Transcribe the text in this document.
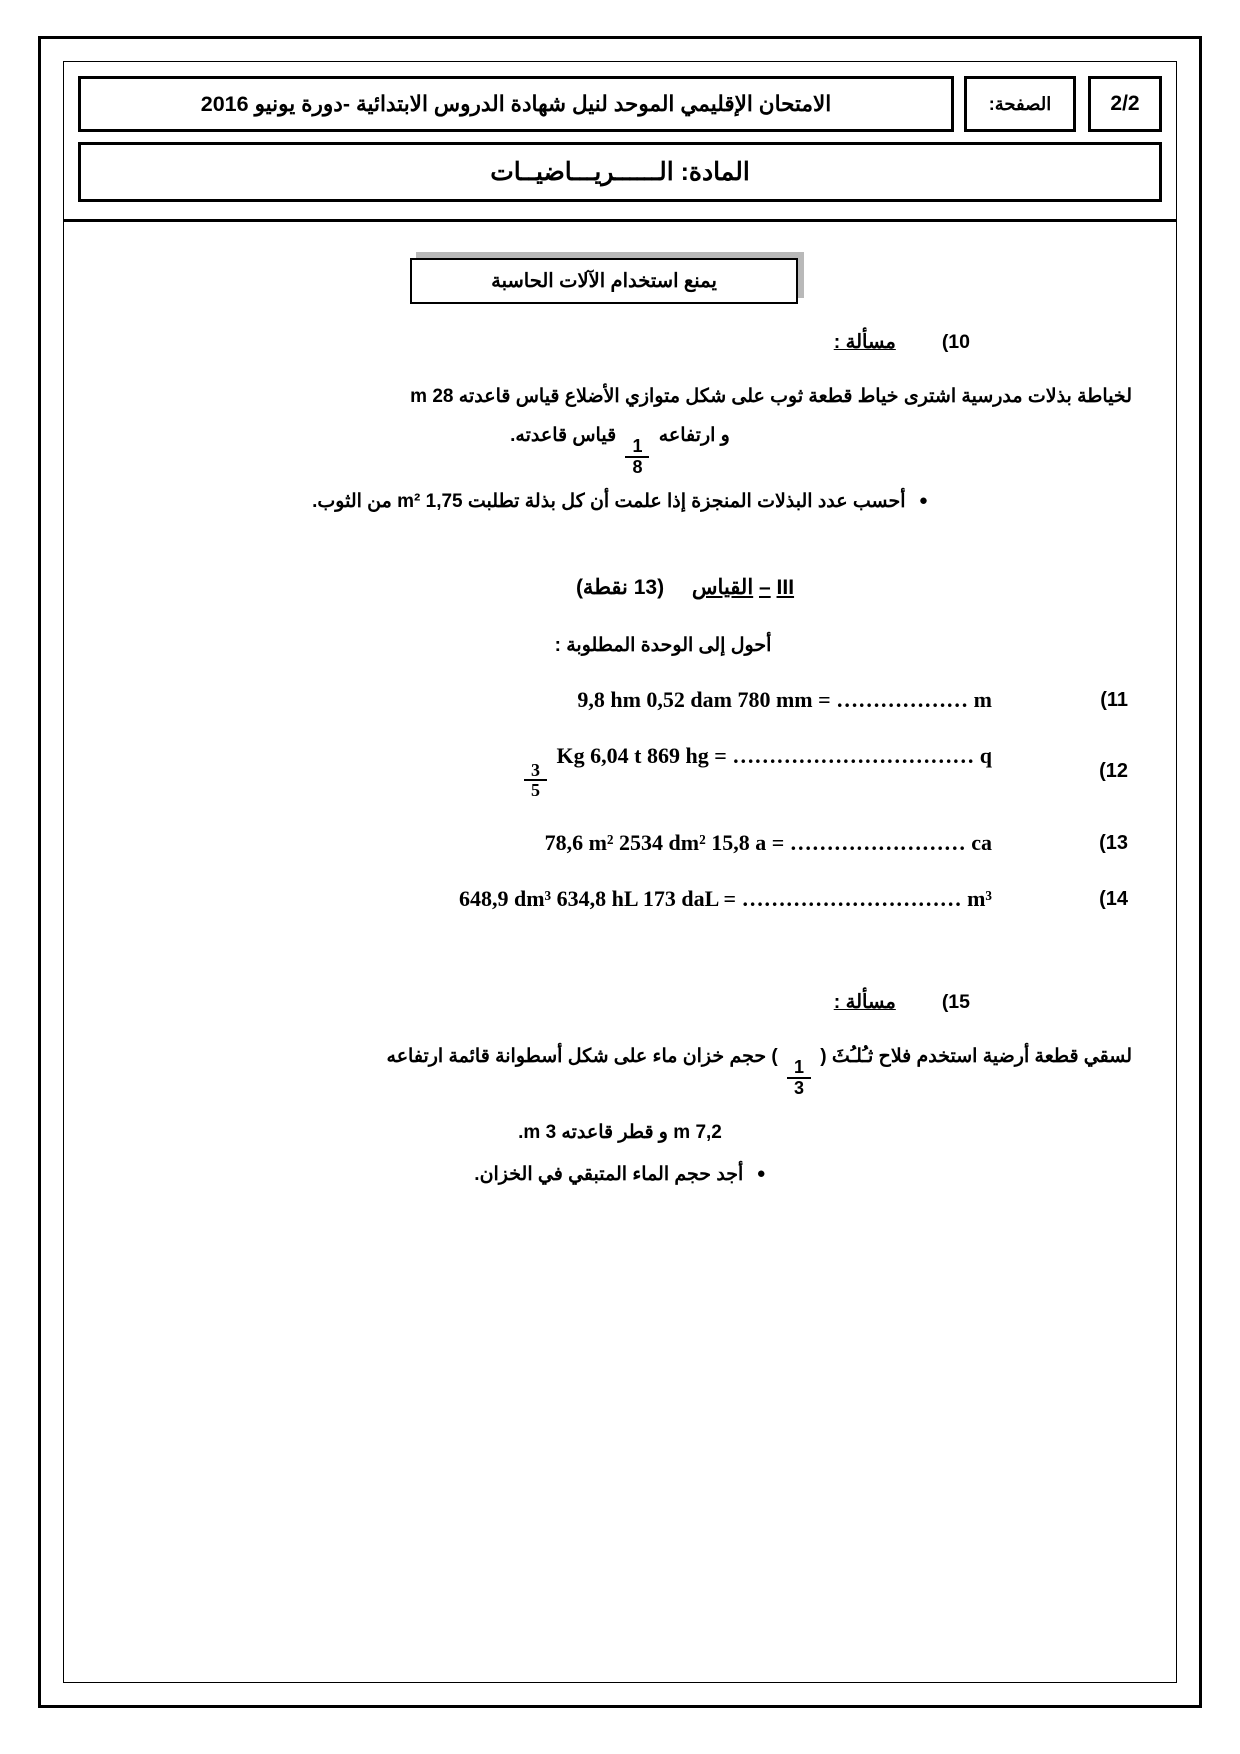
2/2
الصفحة:
الامتحان الإقليمي الموحد لنيل شهادة الدروس الابتدائية -دورة يونيو 2016
المادة: الــــــريـــاضيــات
يمنع استخدام الآلات الحاسبة
(10
مسألة :
لخياطة بذلات مدرسية اشترى خياط قطعة ثوب على شكل متوازي الأضلاع قياس قاعدته 28 m
و ارتفاعه
$\frac{1}{8}$
قياس قاعدته.
● أحسب عدد البذلات المنجزة إذا علمت أن كل بذلة تطلبت 1,75 m² من الثوب.
III – القياس (13 نقطة)
أحول إلى الوحدة المطلوبة :
(11
9,8 hm 0,52 dam 780 mm = ……………… m
(12
$\frac{3}{5}$
Kg 6,04 t 869 hg = …………………………… q
(13
78,6 m² 2534 dm² 15,8 a = …………………… ca
(14
648,9 dm³ 634,8 hL 173 daL = ………………………… m³
(15
مسألة :
لسقي قطعة أرضية استخدم فلاح ثـُلـُثَ (
$\frac{1}{3}$
) حجم خزان ماء على شكل أسطوانة قائمة ارتفاعه
7,2 m و قطر قاعدته 3 m.
● أجد حجم الماء المتبقي في الخزان.
